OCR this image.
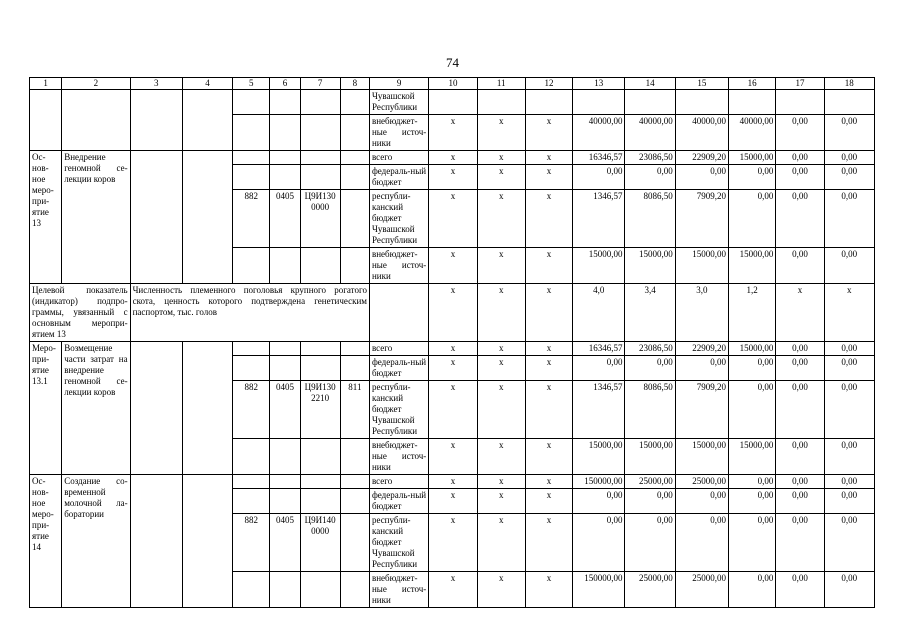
74
1	2	3	4	5	6	7	8	9	10	11	12	13	14	15	16	17	18
								Чувашской Республики									
								внебюджет-ные источ-ники	x	x	x	40000,00	40000,00	40000,00	40000,00	0,00	0,00
Ос-нов-ное меро-при-ятие 13	Внедрение геномной се-лекции коров							всего	x	x	x	16346,57	23086,50	22909,20	15000,00	0,00	0,00
								федераль-ный бюджет	x	x	x	0,00	0,00	0,00	0,00	0,00	0,00
				882	0405	Ц9И130 0000		республи-канский бюджет Чувашской Республики	x	x	x	1346,57	8086,50	7909,20	0,00	0,00	0,00
								внебюджет-ные источ-ники	x	x	x	15000,00	15000,00	15000,00	15000,00	0,00	0,00
Целевой показатель (индикатор) подпро-граммы, увязанный с основным меропри-ятием 13		Численность племенного поголовья крупного рогатого скота, ценность которого подтверждена генетическим паспортом, тыс. голов							x	x	x	4,0	3,4	3,0	1,2	x	x
Меро-при-ятие 13.1	Возмещение части затрат на внедрение геномной се-лекции коров							всего	x	x	x	16346,57	23086,50	22909,20	15000,00	0,00	0,00
								федераль-ный бюджет	x	x	x	0,00	0,00	0,00	0,00	0,00	0,00
				882	0405	Ц9И130 2210	811	республи-канский бюджет Чувашской Республики	x	x	x	1346,57	8086,50	7909,20	0,00	0,00	0,00
								внебюджет-ные источ-ники	x	x	x	15000,00	15000,00	15000,00	15000,00	0,00	0,00
Ос-нов-ное меро-при-ятие 14	Создание со-временной молочной ла-боратории							всего	x	x	x	150000,00	25000,00	25000,00	0,00	0,00	0,00
								федераль-ный бюджет	x	x	x	0,00	0,00	0,00	0,00	0,00	0,00
				882	0405	Ц9И140 0000		республи-канский бюджет Чувашской Республики	x	x	x	0,00	0,00	0,00	0,00	0,00	0,00
								внебюджет-ные источ-ники	x	x	x	150000,00	25000,00	25000,00	0,00	0,00	0,00
